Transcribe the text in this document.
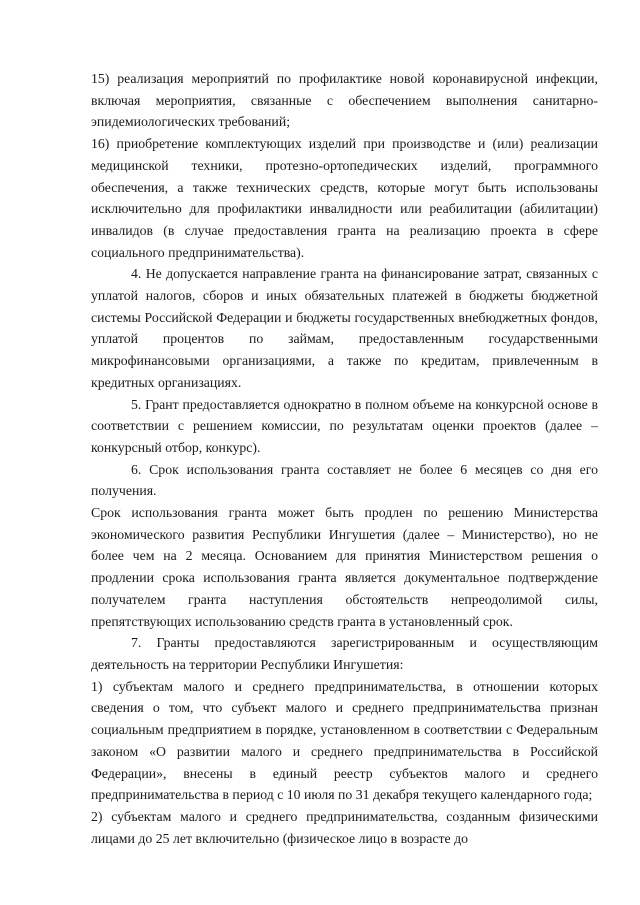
15) реализация мероприятий по профилактике новой коронавирусной инфекции, включая мероприятия, связанные с обеспечением выполнения санитарно-эпидемиологических требований;

16) приобретение комплектующих изделий при производстве и (или) реализации медицинской техники, протезно-ортопедических изделий, программного обеспечения, а также технических средств, которые могут быть использованы исключительно для профилактики инвалидности или реабилитации (абилитации) инвалидов (в случае предоставления гранта на реализацию проекта в сфере социального предпринимательства).

4. Не допускается направление гранта на финансирование затрат, связанных с уплатой налогов, сборов и иных обязательных платежей в бюджеты бюджетной системы Российской Федерации и бюджеты государственных внебюджетных фондов, уплатой процентов по займам, предоставленным государственными микрофинансовыми организациями, а также по кредитам, привлеченным в кредитных организациях.

5. Грант предоставляется однократно в полном объеме на конкурсной основе в соответствии с решением комиссии, по результатам оценки проектов (далее – конкурсный отбор, конкурс).

6. Срок использования гранта составляет не более 6 месяцев со дня его получения.

Срок использования гранта может быть продлен по решению Министерства экономического развития Республики Ингушетия (далее – Министерство), но не более чем на 2 месяца. Основанием для принятия Министерством решения о продлении срока использования гранта является документальное подтверждение получателем гранта наступления обстоятельств непреодолимой силы, препятствующих использованию средств гранта в установленный срок.

7. Гранты предоставляются зарегистрированным и осуществляющим деятельность на территории Республики Ингушетия:

1) субъектам малого и среднего предпринимательства, в отношении которых сведения о том, что субъект малого и среднего предпринимательства признан социальным предприятием в порядке, установленном в соответствии с Федеральным законом «О развитии малого и среднего предпринимательства в Российской Федерации», внесены в единый реестр субъектов малого и среднего предпринимательства в период с 10 июля по 31 декабря текущего календарного года;

2) субъектам малого и среднего предпринимательства, созданным физическими лицами до 25 лет включительно (физическое лицо в возрасте до
